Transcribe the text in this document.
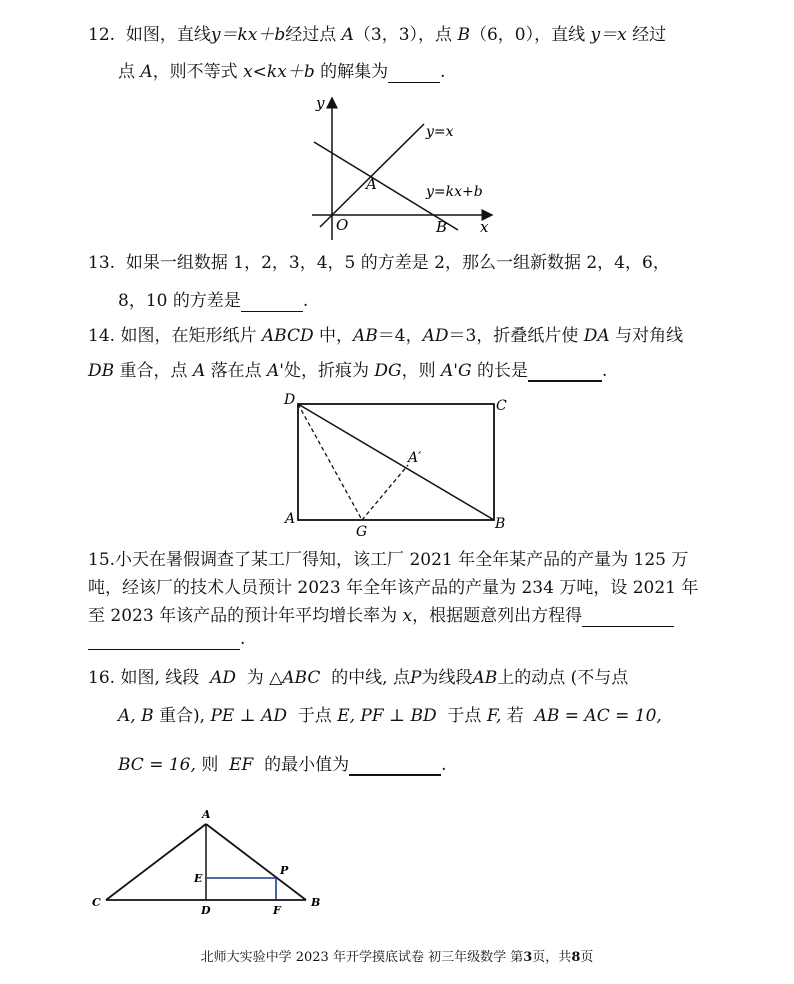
12. 如图，直线y＝kx＋b经过点 A（3，3），点 B（6，0），直线 y＝x 经过
点 A，则不等式 x<kx＋b 的解集为	.
y
x
O
A
B
y=x
y=kx+b
13. 如果一组数据 1，2，3，4，5 的方差是 2，那么一组新数据 2，4，6，
8，10 的方差是	.
14. 如图，在矩形纸片 ABCD 中，AB＝4，AD＝3，折叠纸片使 DA 与对角线
DB 重合，点 A 落在点 A'处，折痕为 DG，则 A'G 的长是	.
D	C
A	B
G
A′
15.小天在暑假调查了某工厂得知，该工厂 2021 年全年某产品的产量为 125 万
吨，经该厂的技术人员预计 2023 年全年该产品的产量为 234 万吨，设 2021 年
至 2023 年该产品的预计年平均增长率为 x，根据题意列出方程得
.
16. 如图, 线段 AD 为 △ABC 的中线, 点P为线段AB上的动点 (不与点
A, B 重合), PE ⊥ AD 于点 E, PF ⊥ BD 于点 F, 若 AB = AC = 10,
BC = 16, 则 EF 的最小值为	.
A
E
P
C
D	F
B
北师大实验中学 2023 年开学摸底试卷 初三年级数学 第3页，共8页
